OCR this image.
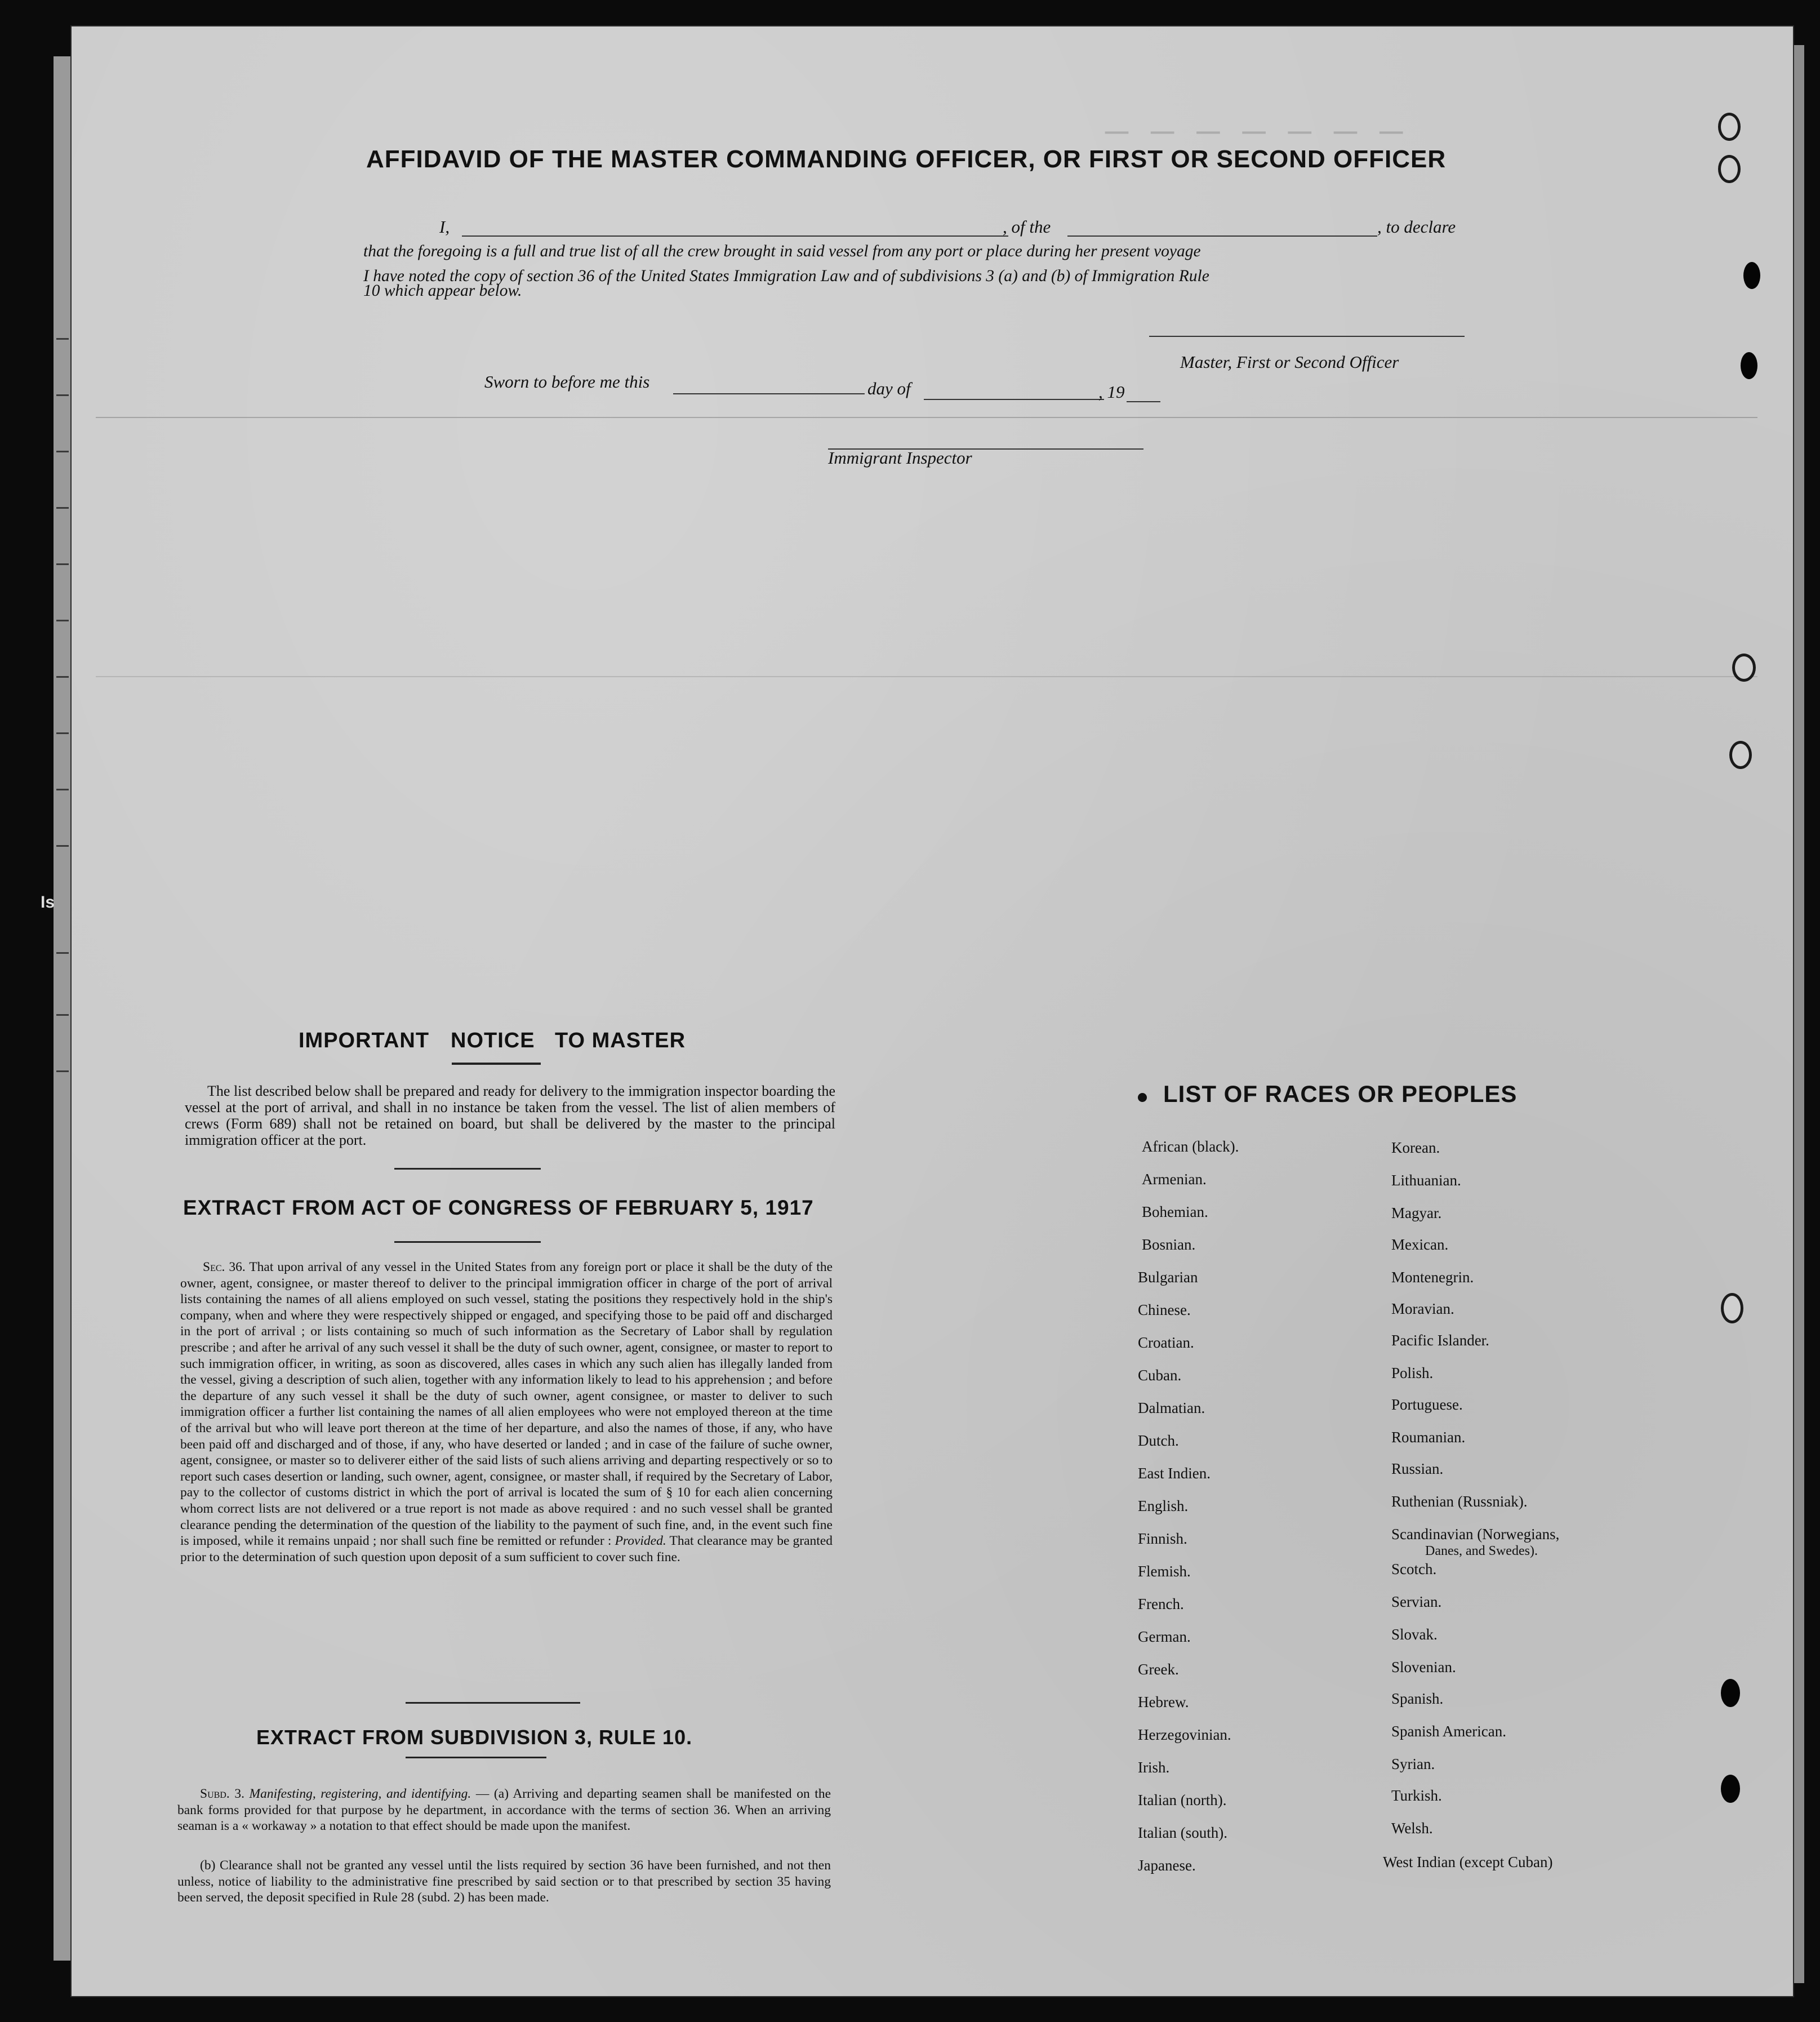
─ ─ ─ ─ ─ ─ ─
Is
AFFIDAVID OF THE MASTER COMMANDING OFFICER, OR FIRST OR SECOND OFFICER
I,	, of the	, to declare
that the foregoing is a full and true list of all the crew brought in said vessel from any port or place during her present voyage
I have noted the copy of section 36 of the United States Immigration Law and of subdivisions 3 (a) and (b) of Immigration Rule
10 which appear below.
Master, First or Second Officer
Sworn to before me this	day of	, 19
Immigrant Inspector
IMPORTANT NOTICE TO MASTER
The list described below shall be prepared and ready for delivery to the immigration inspector boarding the vessel at the port of arrival, and shall in no instance be taken from the vessel. The list of alien members of crews (Form 689) shall not be retained on board, but shall be delivered by the master to the principal immigration officer at the port.
EXTRACT FROM ACT OF CONGRESS OF FEBRUARY 5, 1917
Sec. 36. That upon arrival of any vessel in the United States from any foreign port or place it shall be the duty of the owner, agent, consignee, or master thereof to deliver to the principal immigration officer in charge of the port of arrival lists containing the names of all aliens employed on such vessel, stating the positions they respectively hold in the ship's company, when and where they were respectively shipped or engaged, and specifying those to be paid off and discharged in the port of arrival ; or lists containing so much of such information as the Secretary of Labor shall by regulation prescribe ; and after he arrival of any such vessel it shall be the duty of such owner, agent, consignee, or master to report to such immigration officer, in writing, as soon as discovered, alles cases in which any such alien has illegally landed from the vessel, giving a description of such alien, together with any information likely to lead to his apprehension ; and before the departure of any such vessel it shall be the duty of such owner, agent consignee, or master to deliver to such immigration officer a further list containing the names of all alien employees who were not employed thereon at the time of the arrival but who will leave port thereon at the time of her departure, and also the names of those, if any, who have been paid off and discharged and of those, if any, who have deserted or landed ; and in case of the failure of suche owner, agent, consignee, or master so to deliverer either of the said lists of such aliens arriving and departing respectively or so to report such cases desertion or landing, such owner, agent, consignee, or master shall, if required by the Secretary of Labor, pay to the collector of customs district in which the port of arrival is located the sum of § 10 for each alien concerning whom correct lists are not delivered or a true report is not made as above required : and no such vessel shall be granted clearance pending the determination of the question of the liability to the payment of such fine, and, in the event such fine is imposed, while it remains unpaid ; nor shall such fine be remitted or refunder : Provided. That clearance may be granted prior to the determination of such question upon deposit of a sum sufficient to cover such fine.
EXTRACT FROM SUBDIVISION 3, RULE 10.
Subd. 3. Manifesting, registering, and identifying. — (a) Arriving and departing seamen shall be manifested on the bank forms provided for that purpose by he department, in accordance with the terms of section 36. When an arriving seaman is a « workaway » a notation to that effect should be made upon the manifest.
(b) Clearance shall not be granted any vessel until the lists required by section 36 have been furnished, and not then unless, notice of liability to the administrative fine prescribed by said section or to that prescribed by section 35 having been served, the deposit specified in Rule 28 (subd. 2) has been made.
LIST OF RACES OR PEOPLES
African (black).
Armenian.
Bohemian.
Bosnian.
Bulgarian
Chinese.
Croatian.
Cuban.
Dalmatian.
Dutch.
East Indien.
English.
Finnish.
Flemish.
French.
German.
Greek.
Hebrew.
Herzegovinian.
Irish.
Italian (north).
Italian (south).
Japanese.
Korean.
Lithuanian.
Magyar.
Mexican.
Montenegrin.
Moravian.
Pacific Islander.
Polish.
Portuguese.
Roumanian.
Russian.
Ruthenian (Russniak).
Scandinavian (Norwegians,
Scotch.
Servian.
Slovak.
Slovenian.
Spanish.
Spanish American.
Syrian.
Turkish.
Welsh.
West Indian (except Cuban)
Danes, and Swedes).
